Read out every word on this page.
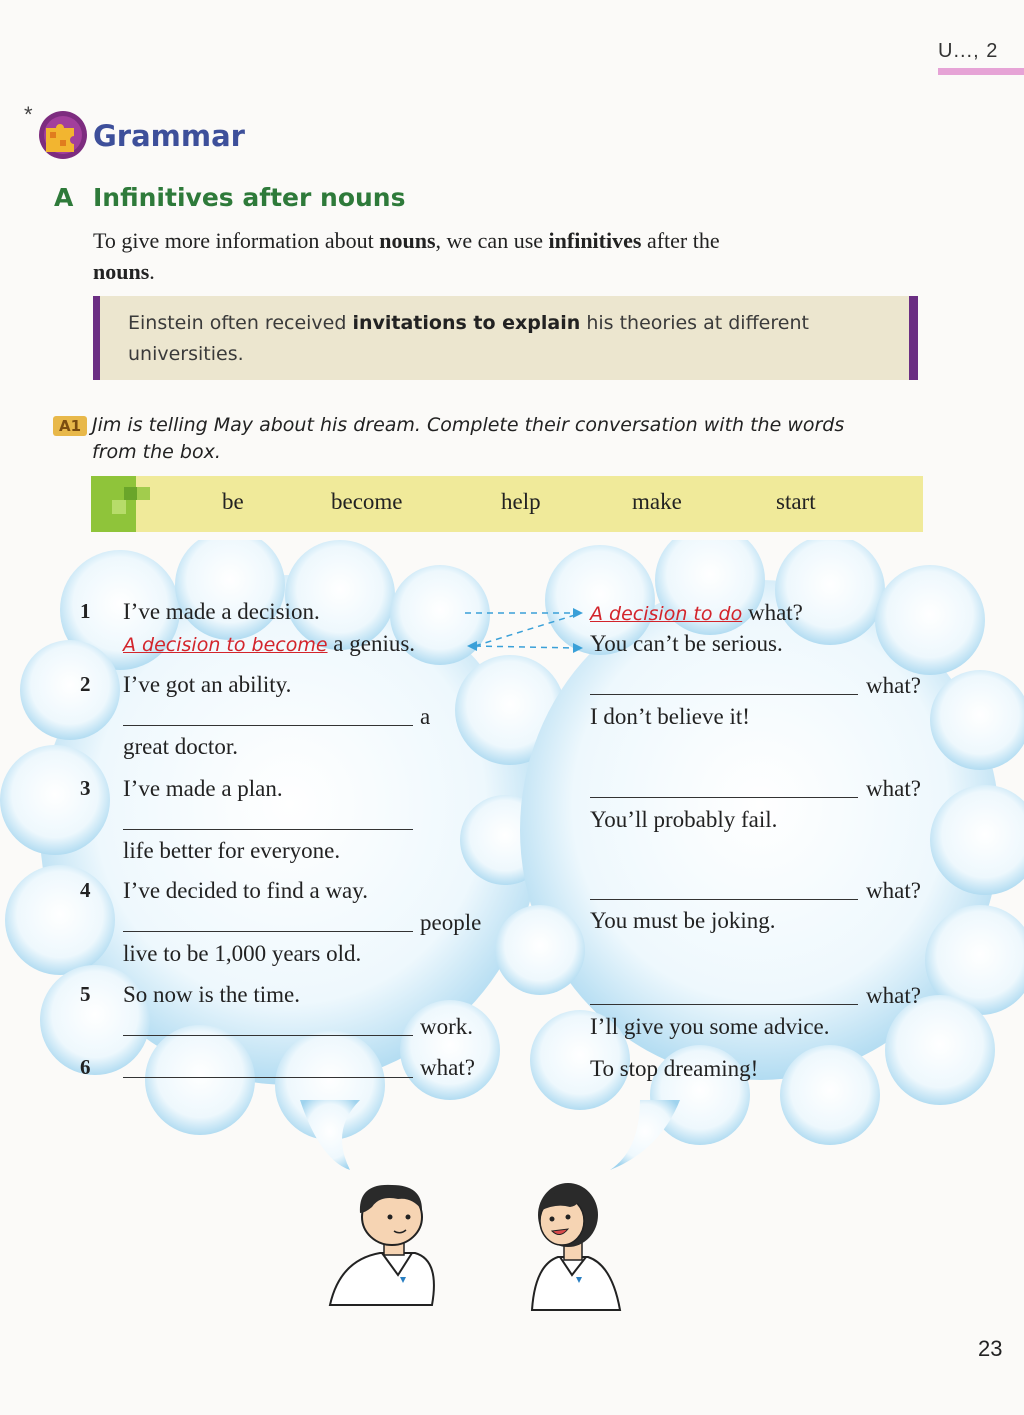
U..., 2
*
Grammar
A Infinitives after nouns
To give more information about nouns, we can use infinitives after the
nouns.
Einstein often received invitations to explain his theories at different
universities.
A1 Jim is telling May about his dream. Complete their conversation with the words
from the box.
be	become	help	make	start
1 I’ve made a decision.
A decision to become a genius.
2 I’ve got an ability.
a
great doctor.
3 I’ve made a plan.
life better for everyone.
4 I’ve decided to find a way.
people
live to be 1,000 years old.
5 So now is the time.
work.
6	what?
A decision to do what?
You can’t be serious.
what?
I don’t believe it!
what?
You’ll probably fail.
what?
You must be joking.
what?
I’ll give you some advice.
To stop dreaming!
23
